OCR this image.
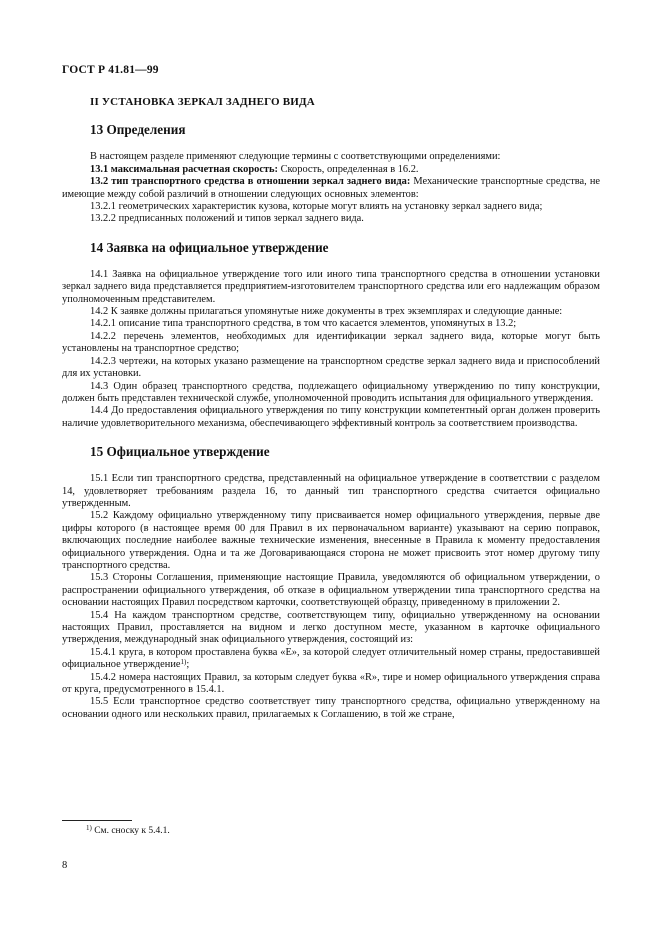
ГОСТ Р 41.81—99
II УСТАНОВКА ЗЕРКАЛ ЗАДНЕГО ВИДА
13 Определения

В настоящем разделе применяют следующие термины с соответствующими определениями:

13.1 максимальная расчетная скорость: Скорость, определенная в 16.2.

13.2 тип транспортного средства в отношении зеркал заднего вида: Механические транспортные средства, не имеющие между собой различий в отношении следующих основных элементов:

13.2.1 геометрических характеристик кузова, которые могут влиять на установку зеркал заднего вида;

13.2.2 предписанных положений и типов зеркал заднего вида.

14 Заявка на официальное утверждение

14.1 Заявка на официальное утверждение того или иного типа транспортного средства в отношении установки зеркал заднего вида представляется предприятием-изготовителем транспортного средства или его надлежащим образом уполномоченным представителем.

14.2 К заявке должны прилагаться упомянутые ниже документы в трех экземплярах и следующие данные:

14.2.1 описание типа транспортного средства, в том что касается элементов, упомянутых в 13.2;

14.2.2 перечень элементов, необходимых для идентификации зеркал заднего вида, которые могут быть установлены на транспортное средство;

14.2.3 чертежи, на которых указано размещение на транспортном средстве зеркал заднего вида и приспособлений для их установки.

14.3 Один образец транспортного средства, подлежащего официальному утверждению по типу конструкции, должен быть представлен технической службе, уполномоченной проводить испытания для официального утверждения.

14.4 До предоставления официального утверждения по типу конструкции компетентный орган должен проверить наличие удовлетворительного механизма, обеспечивающего эффективный контроль за соответствием производства.

15 Официальное утверждение

15.1 Если тип транспортного средства, представленный на официальное утверждение в соответствии с разделом 14, удовлетворяет требованиям раздела 16, то данный тип транспортного средства считается официально утвержденным.

15.2 Каждому официально утвержденному типу присваивается номер официального утверждения, первые две цифры которого (в настоящее время 00 для Правил в их первоначальном варианте) указывают на серию поправок, включающих последние наиболее важные технические изменения, внесенные в Правила к моменту предоставления официального утверждения. Одна и та же Договаривающаяся сторона не может присвоить этот номер другому типу транспортного средства.

15.3 Стороны Соглашения, применяющие настоящие Правила, уведомляются об официальном утверждении, о распространении официального утверждения, об отказе в официальном утверждении типа транспортного средства на основании настоящих Правил посредством карточки, соответствующей образцу, приведенному в приложении 2.

15.4 На каждом транспортном средстве, соответствующем типу, официально утвержденному на основании настоящих Правил, проставляется на видном и легко доступном месте, указанном в карточке официального утверждения, международный знак официального утверждения, состоящий из:

15.4.1 круга, в котором проставлена буква «Е», за которой следует отличительный номер страны, предоставившей официальное утверждение$^{1)}$;

15.4.2 номера настоящих Правил, за которым следует буква «R», тире и номер официального утверждения справа от круга, предусмотренного в 15.4.1.

15.5 Если транспортное средство соответствует типу транспортного средства, официально утвержденному на основании одного или нескольких правил, прилагаемых к Соглашению, в той же стране,

$^{1)}$ См. сноску к 5.4.1.
8
